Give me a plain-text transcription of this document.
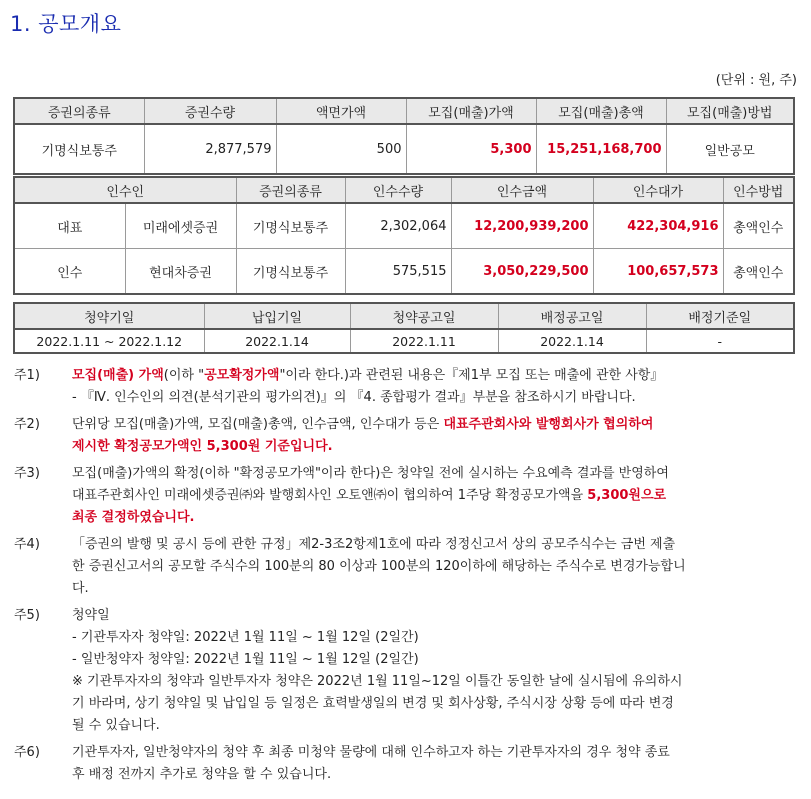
1. 공모개요
(단위 : 원, 주)
증권의종류	증권수량	액면가액	모집(매출)가액	모집(매출)총액	모집(매출)방법
기명식보통주	2,877,579	500	5,300	15,251,168,700	일반공모
인수인		증권의종류	인수수량	인수금액	인수대가	인수방법
대표	미래에셋증권	기명식보통주	2,302,064	12,200,939,200	422,304,916	총액인수
인수	현대차증권	기명식보통주	575,515	3,050,229,500	100,657,573	총액인수
청약기일	납입기일	청약공고일	배정공고일	배정기준일
2022.1.11 ~ 2022.1.12	2022.1.14	2022.1.11	2022.1.14	-
주1)	모집(매출) 가액(이하 "공모확정가액"이라 한다.)과 관련된 내용은『제1부 모집 또는 매출에 관한 사항』
- 『Ⅳ. 인수인의 의견(분석기관의 평가의견)』의 『4. 종합평가 결과』부분을 참조하시기 바랍니다.
주2)	단위당 모집(매출)가액, 모집(매출)총액, 인수금액, 인수대가 등은 대표주관회사와 발행회사가 협의하여
제시한 확정공모가액인 5,300원 기준입니다.
주3)	모집(매출)가액의 확정(이하 "확정공모가액"이라 한다)은 청약일 전에 실시하는 수요예측 결과를 반영하여
대표주관회사인 미래에셋증권㈜와 발행회사인 오토앤㈜이 협의하여 1주당 확정공모가액을 5,300원으로
최종 결정하였습니다.
주4)	「증권의 발행 및 공시 등에 관한 규정」제2-3조2항제1호에 따라 정정신고서 상의 공모주식수는 금번 제출
한 증권신고서의 공모할 주식수의 100분의 80 이상과 100분의 120이하에 해당하는 주식수로 변경가능합니
다.
주5)	청약일
- 기관투자자 청약일: 2022년 1월 11일 ~ 1월 12일 (2일간)
- 일반청약자 청약일: 2022년 1월 11일 ~ 1월 12일 (2일간)
※ 기관투자자의 청약과 일반투자자 청약은 2022년 1월 11일~12일 이틀간 동일한 날에 실시됨에 유의하시
기 바라며, 상기 청약일 및 납입일 등 일정은 효력발생일의 변경 및 회사상황, 주식시장 상황 등에 따라 변경
될 수 있습니다.
주6)	기관투자자, 일반청약자의 청약 후 최종 미청약 물량에 대해 인수하고자 하는 기관투자자의 경우 청약 종료
후 배정 전까지 추가로 청약을 할 수 있습니다.
